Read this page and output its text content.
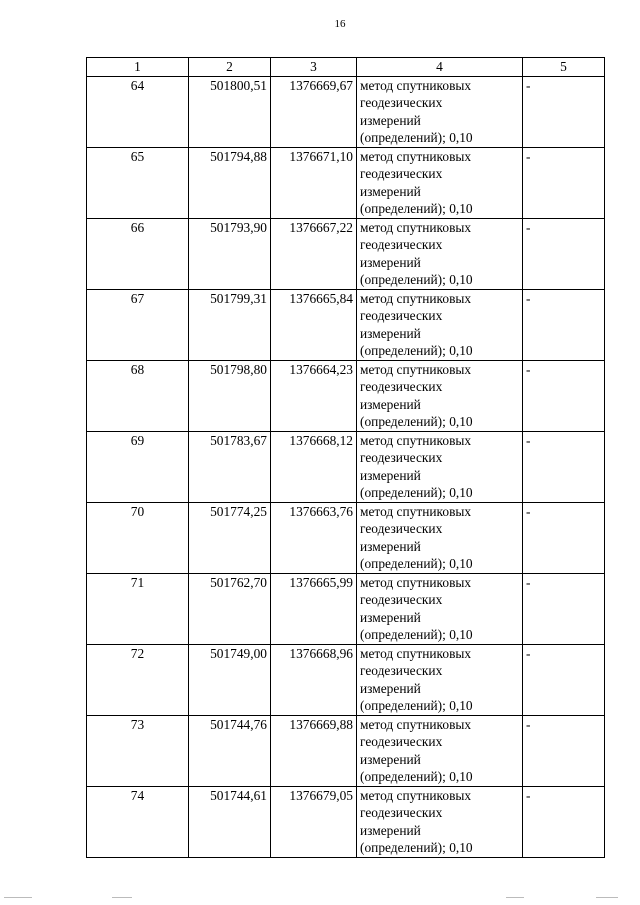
16
1	2	3	4	5
64	501800,51	1376669,67	метод спутниковых
геодезических
измерений
(определений); 0,10	-
65	501794,88	1376671,10	метод спутниковых
геодезических
измерений
(определений); 0,10	-
66	501793,90	1376667,22	метод спутниковых
геодезических
измерений
(определений); 0,10	-
67	501799,31	1376665,84	метод спутниковых
геодезических
измерений
(определений); 0,10	-
68	501798,80	1376664,23	метод спутниковых
геодезических
измерений
(определений); 0,10	-
69	501783,67	1376668,12	метод спутниковых
геодезических
измерений
(определений); 0,10	-
70	501774,25	1376663,76	метод спутниковых
геодезических
измерений
(определений); 0,10	-
71	501762,70	1376665,99	метод спутниковых
геодезических
измерений
(определений); 0,10	-
72	501749,00	1376668,96	метод спутниковых
геодезических
измерений
(определений); 0,10	-
73	501744,76	1376669,88	метод спутниковых
геодезических
измерений
(определений); 0,10	-
74	501744,61	1376679,05	метод спутниковых
геодезических
измерений
(определений); 0,10	-
